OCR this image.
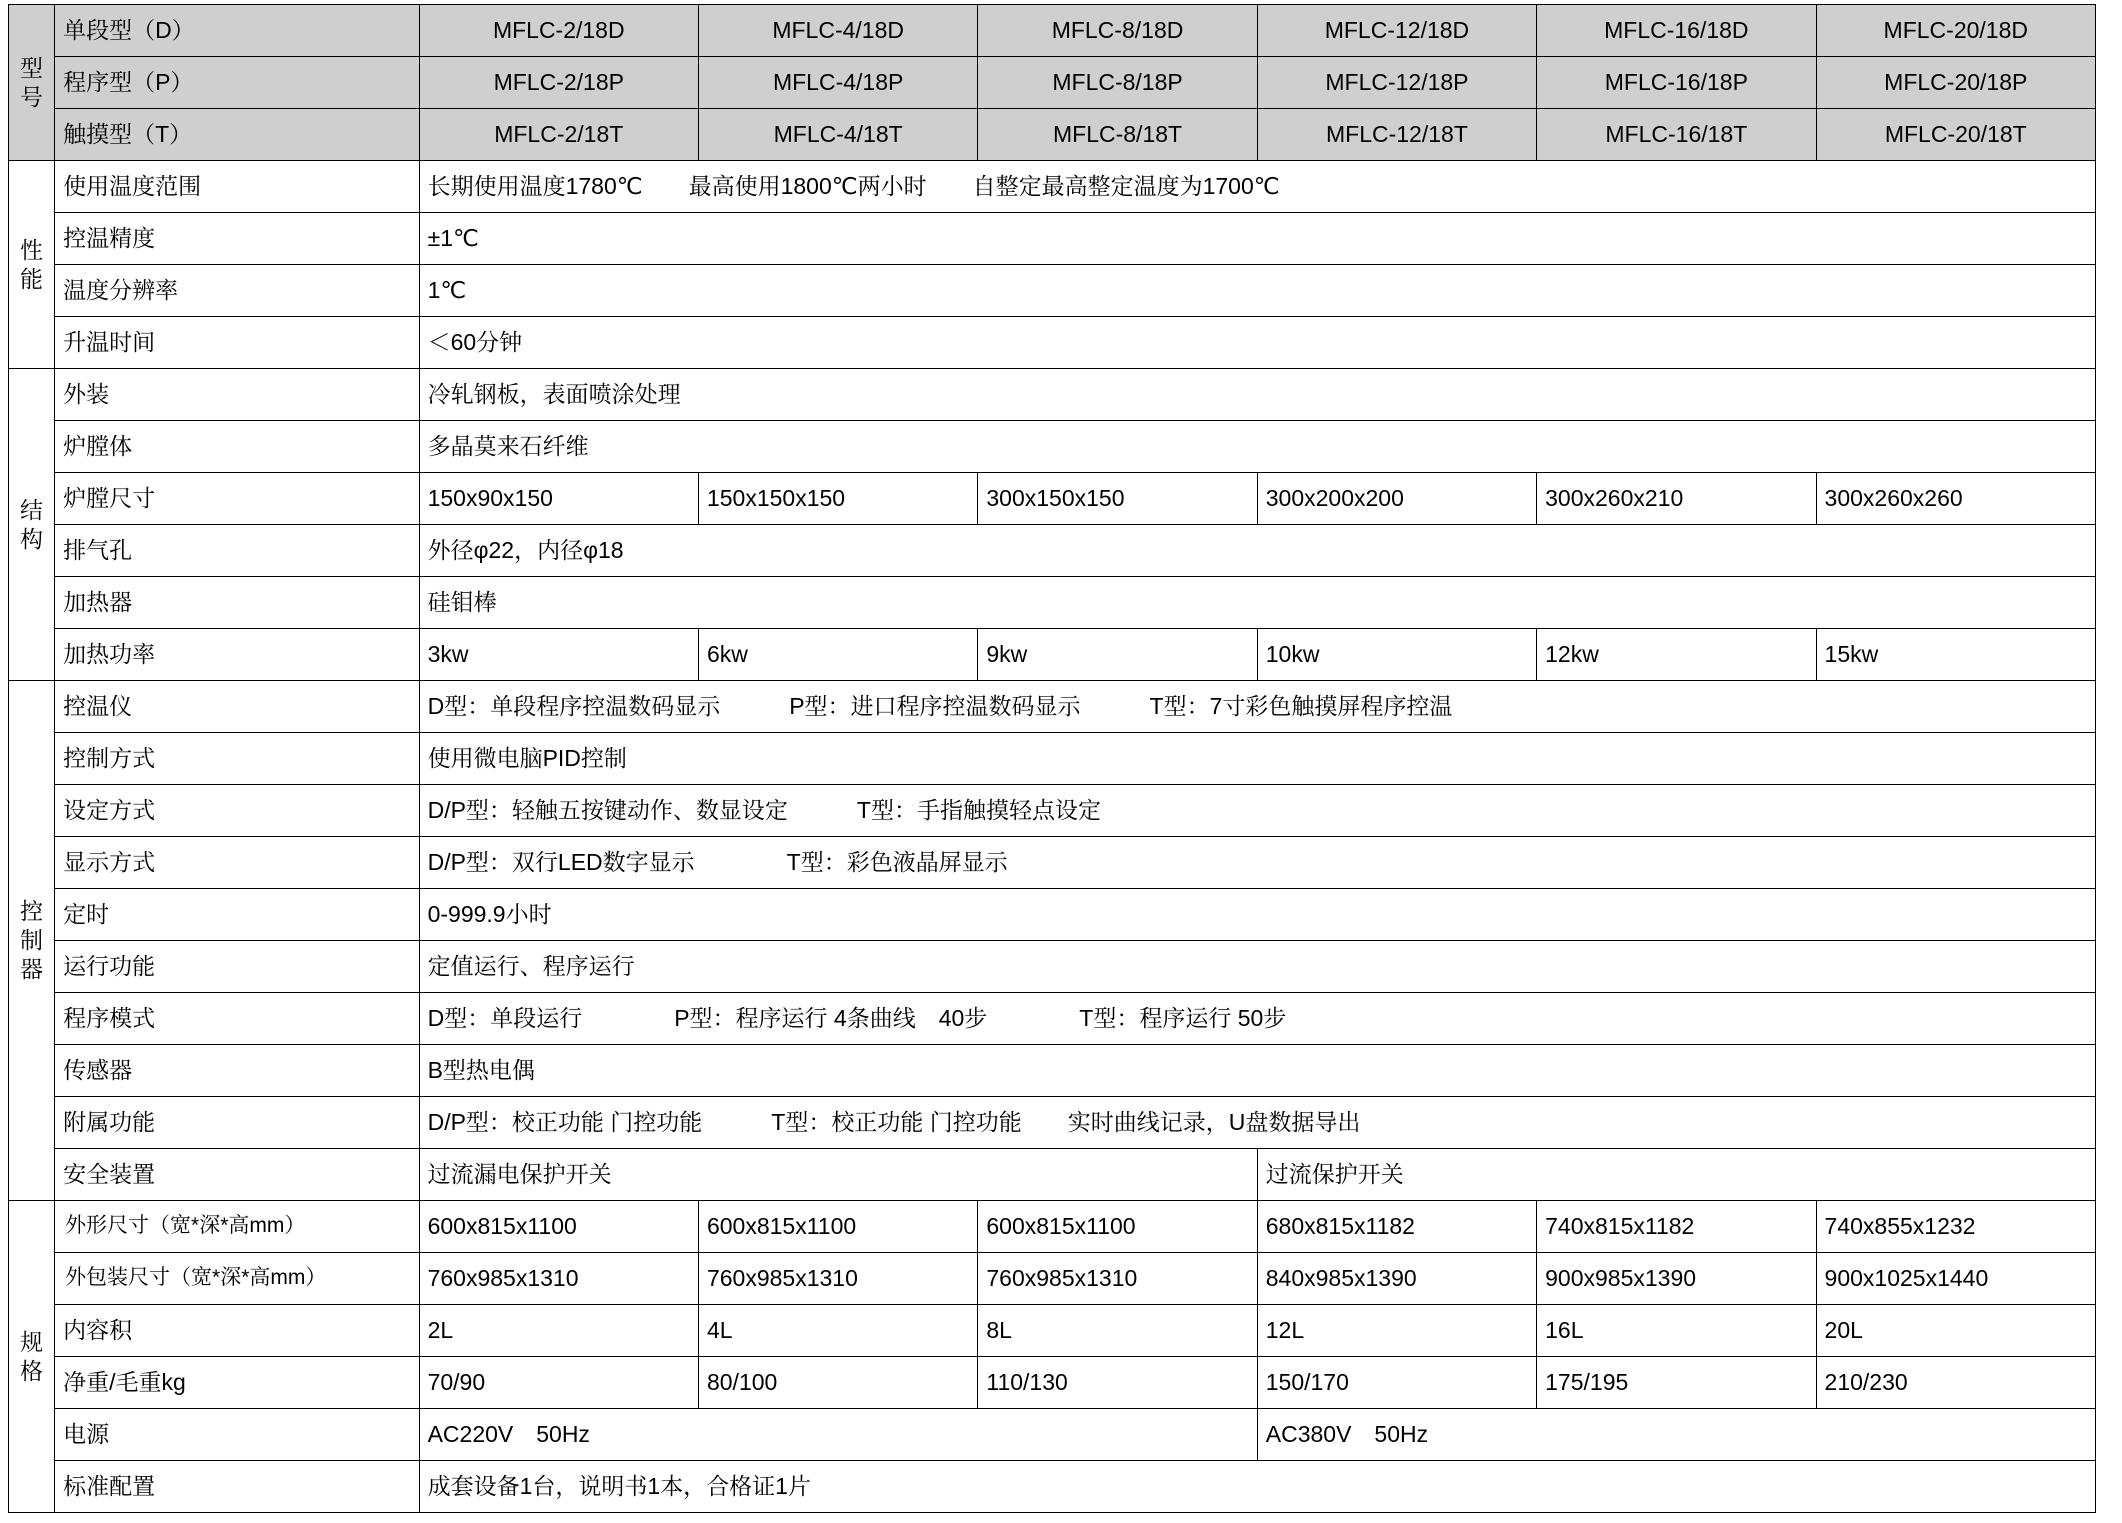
型号	单段型（D）	MFLC-2/18D	MFLC-4/18D	MFLC-8/18D	MFLC-12/18D	MFLC-16/18D	MFLC-20/18D
	程序型（P）	MFLC-2/18P	MFLC-4/18P	MFLC-8/18P	MFLC-12/18P	MFLC-16/18P	MFLC-20/18P
	触摸型（T）	MFLC-2/18T	MFLC-4/18T	MFLC-8/18T	MFLC-12/18T	MFLC-16/18T	MFLC-20/18T

性能	使用温度范围	长期使用温度1780℃　　最高使用1800℃两小时　　自整定最高整定温度为1700℃					
	控温精度	±1℃					
	温度分辨率	1℃					
	升温时间	＜60分钟					

结构	外装	冷轧钢板，表面喷涂处理					
	炉膛体	多晶莫来石纤维					
	炉膛尺寸	150x90x150	150x150x150	300x150x150	300x200x200	300x260x210	300x260x260
	排气孔	外径φ22，内径φ18					
	加热器	硅钼棒					
	加热功率	3kw	6kw	9kw	10kw	12kw	15kw

控制器	控温仪	D型：单段程序控温数码显示　　　P型：进口程序控温数码显示　　　T型：7寸彩色触摸屏程序控温					
	控制方式	使用微电脑PID控制					
	设定方式	D/P型：轻触五按键动作、数显设定　　　T型：手指触摸轻点设定					
	显示方式	D/P型：双行LED数字显示　　　　T型：彩色液晶屏显示					
	定时	0-999.9小时					
	运行功能	定值运行、程序运行					
	程序模式	D型：单段运行　　　　P型：程序运行 4条曲线　40步　　　　T型：程序运行 50步					
	传感器	B型热电偶					
	附属功能	D/P型：校正功能 门控功能　　　T型：校正功能 门控功能　　实时曲线记录，U盘数据导出					
	安全装置	过流漏电保护开关			过流保护开关		

规格	外形尺寸（宽*深*高mm）	600x815x1100	600x815x1100	600x815x1100	680x815x1182	740x815x1182	740x855x1232
	外包装尺寸（宽*深*高mm）	760x985x1310	760x985x1310	760x985x1310	840x985x1390	900x985x1390	900x1025x1440
	内容积	2L	4L	8L	12L	16L	20L
	净重/毛重kg	70/90	80/100	110/130	150/170	175/195	210/230
	电源	AC220V　50Hz			AC380V　50Hz		
	标准配置	成套设备1台，说明书1本，合格证1片					
